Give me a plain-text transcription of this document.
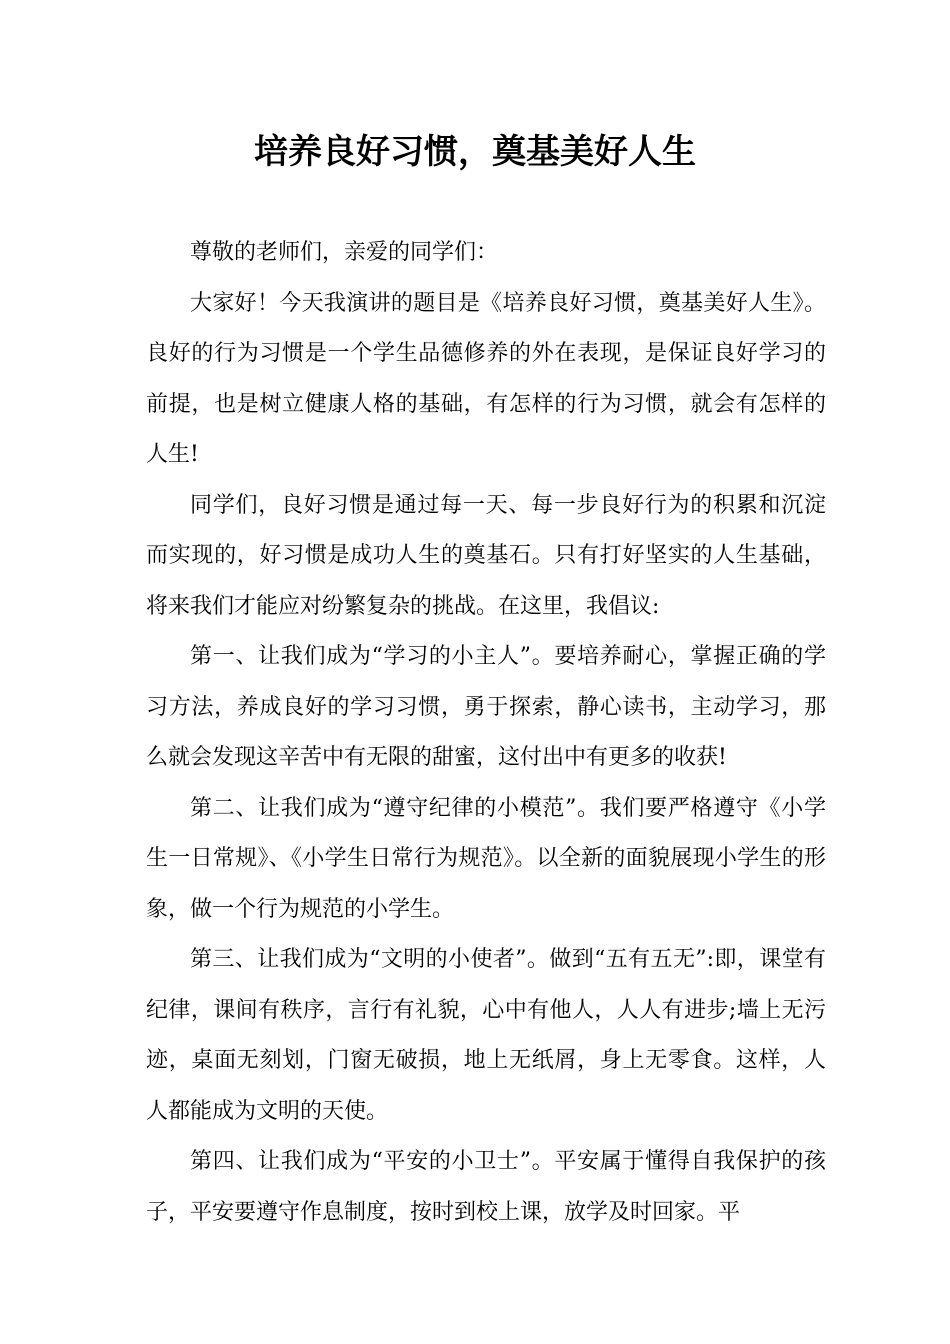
培养良好习惯，奠基美好人生

尊敬的老师们，亲爱的同学们：

大家好！今天我演讲的题目是《培养良好习惯，奠基美好人生》。良好的行为习惯是一个学生品德修养的外在表现，是保证良好学习的前提，也是树立健康人格的基础，有怎样的行为习惯，就会有怎样的人生!

同学们，良好习惯是通过每一天、每一步良好行为的积累和沉淀而实现的，好习惯是成功人生的奠基石。只有打好坚实的人生基础，将来我们才能应对纷繁复杂的挑战。在这里，我倡议:

第一、让我们成为“学习的小主人”。要培养耐心，掌握正确的学习方法，养成良好的学习习惯，勇于探索，静心读书，主动学习，那么就会发现这辛苦中有无限的甜蜜，这付出中有更多的收获!

第二、让我们成为“遵守纪律的小模范”。我们要严格遵守《小学生一日常规》、《小学生日常行为规范》。以全新的面貌展现小学生的形象，做一个行为规范的小学生。

第三、让我们成为“文明的小使者”。做到“五有五无”:即，课堂有纪律，课间有秩序，言行有礼貌，心中有他人，人人有进步;墙上无污迹，桌面无刻划，门窗无破损，地上无纸屑，身上无零食。这样，人人都能成为文明的天使。

第四、让我们成为“平安的小卫士”。平安属于懂得自我保护的孩子，平安要遵守作息制度，按时到校上课，放学及时回家。平
